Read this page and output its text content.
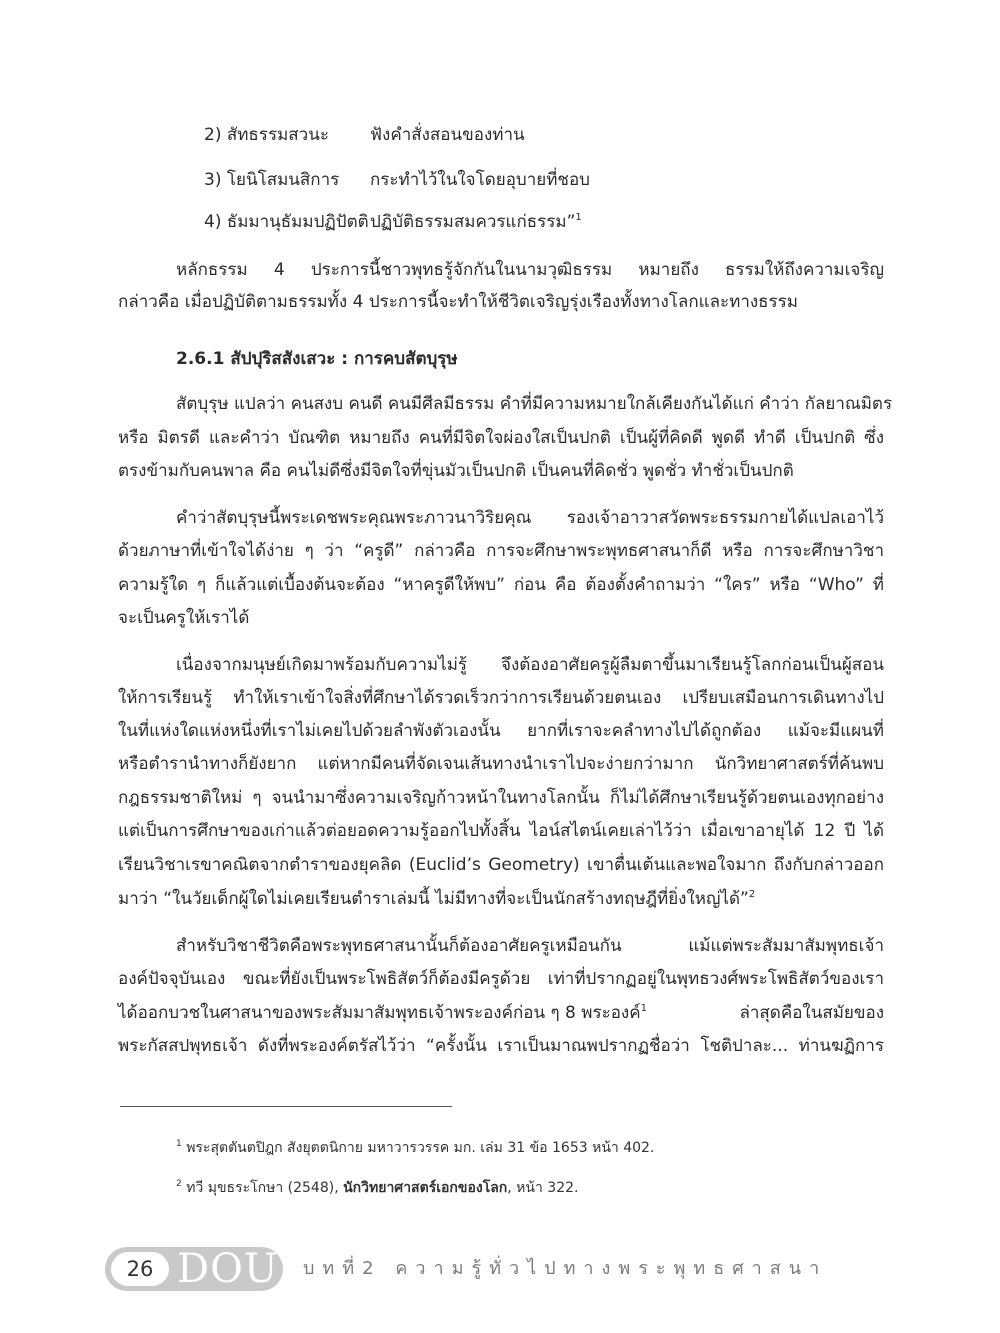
2) สัทธรรมสวนะ ฟังคำสั่งสอนของท่าน
3) โยนิโสมนสิการ กระทำไว้ในใจโดยอุบายที่ชอบ
4) ธัมมานุธัมมปฏิปัตติ ปฏิบัติธรรมสมควรแก่ธรรม”$^1$
หลักธรรม 4 ประการนี้ชาวพุทธรู้จักกันในนามวุฒิธรรม หมายถึง ธรรมให้ถึงความเจริญ
กล่าวคือ เมื่อปฏิบัติตามธรรมทั้ง 4 ประการนี้จะทำให้ชีวิตเจริญรุ่งเรืองทั้งทางโลกและทางธรรม
2.6.1 สัปปุริสสังเสวะ : การคบสัตบุรุษ
สัตบุรุษ แปลว่า คนสงบ คนดี คนมีศีลมีธรรม คำที่มีความหมายใกล้เคียงกันได้แก่ คำว่า กัลยาณมิตร
หรือ มิตรดี และคำว่า บัณฑิต หมายถึง คนที่มีจิตใจผ่องใสเป็นปกติ เป็นผู้ที่คิดดี พูดดี ทำดี เป็นปกติ ซึ่ง
ตรงข้ามกับคนพาล คือ คนไม่ดีซึ่งมีจิตใจที่ขุ่นมัวเป็นปกติ เป็นคนที่คิดชั่ว พูดชั่ว ทำชั่วเป็นปกติ
คำว่าสัตบุรุษนี้พระเดชพระคุณพระภาวนาวิริยคุณ รองเจ้าอาวาสวัดพระธรรมกายได้แปลเอาไว้
ด้วยภาษาที่เข้าใจได้ง่าย ๆ ว่า “ครูดี” กล่าวคือ การจะศึกษาพระพุทธศาสนาก็ดี หรือ การจะศึกษาวิชา
ความรู้ใด ๆ ก็แล้วแต่เบื้องต้นจะต้อง “หาครูดีให้พบ” ก่อน คือ ต้องตั้งคำถามว่า “ใคร” หรือ “Who” ที่
จะเป็นครูให้เราได้
เนื่องจากมนุษย์เกิดมาพร้อมกับความไม่รู้ จึงต้องอาศัยครูผู้ลืมตาขึ้นมาเรียนรู้โลกก่อนเป็นผู้สอน
ให้การเรียนรู้ ทำให้เราเข้าใจสิ่งที่ศึกษาได้รวดเร็วกว่าการเรียนด้วยตนเอง เปรียบเสมือนการเดินทางไป
ในที่แห่งใดแห่งหนึ่งที่เราไม่เคยไปด้วยลำพังตัวเองนั้น ยากที่เราจะคลำทางไปได้ถูกต้อง แม้จะมีแผนที่
หรือตำรานำทางก็ยังยาก แต่หากมีคนที่จัดเจนเส้นทางนำเราไปจะง่ายกว่ามาก นักวิทยาศาสตร์ที่ค้นพบ
กฎธรรมชาติใหม่ ๆ จนนำมาซึ่งความเจริญก้าวหน้าในทางโลกนั้น ก็ไม่ได้ศึกษาเรียนรู้ด้วยตนเองทุกอย่าง
แต่เป็นการศึกษาของเก่าแล้วต่อยอดความรู้ออกไปทั้งสิ้น ไอน์สไตน์เคยเล่าไว้ว่า เมื่อเขาอายุได้ 12 ปี ได้
เรียนวิชาเรขาคณิตจากตำราของยุคลิด (Euclid’s Geometry) เขาตื่นเต้นและพอใจมาก ถึงกับกล่าวออก
มาว่า “ในวัยเด็กผู้ใดไม่เคยเรียนตำราเล่มนี้ ไม่มีทางที่จะเป็นนักสร้างทฤษฎีที่ยิ่งใหญ่ได้”$^2$
สำหรับวิชาชีวิตคือพระพุทธศาสนานั้นก็ต้องอาศัยครูเหมือนกัน แม้แต่พระสัมมาสัมพุทธเจ้า
องค์ปัจจุบันเอง ขณะที่ยังเป็นพระโพธิสัตว์ก็ต้องมีครูด้วย เท่าที่ปรากฏอยู่ในพุทธวงศ์พระโพธิสัตว์ของเรา
ได้ออกบวชในศาสนาของพระสัมมาสัมพุทธเจ้าพระองค์ก่อน ๆ 8 พระองค์$^1$	ล่าสุดคือในสมัยของ
พระกัสสปพุทธเจ้า ดังที่พระองค์ตรัสไว้ว่า “ครั้งนั้น เราเป็นมาณพปรากฏชื่อว่า โชติปาละ... ท่านฆฏิการ
$^1$ พระสุตตันตปิฎก สังยุตตนิกาย มหาวารวรรค มก. เล่ม 31 ข้อ 1653 หน้า 402.
$^2$ ทวี มุขธระโกษา (2548), นักวิทยาศาสตร์เอกของโลก, หน้า 322.
26 DOU บทที่2 ความรู้ทั่วไปทางพระพุทธศาสนา
